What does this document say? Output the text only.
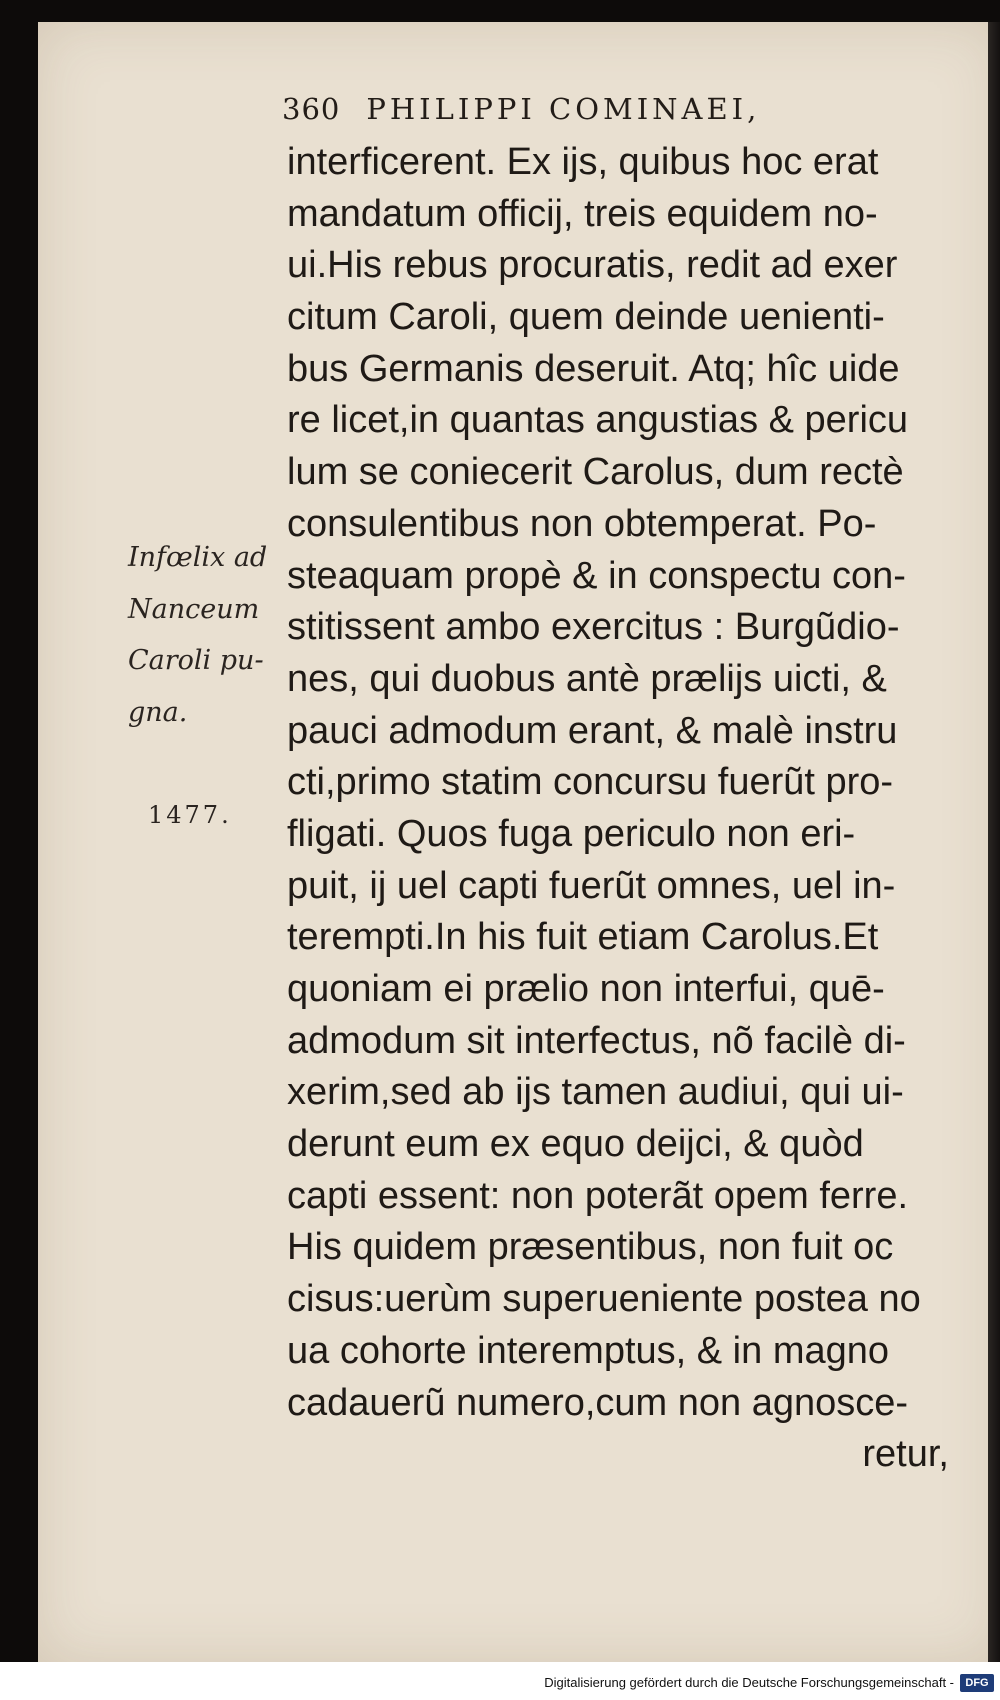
360 PHILIPPI COMINAEI,
interficerent. Ex ijs, quibus hoc erat
mandatum officij, treis equidem no-
ui.His rebus procuratis, redit ad exer
citum Caroli, quem deinde uenienti-
bus Germanis deseruit. Atq; hîc uide
re licet,in quantas angustias & pericu
lum se coniecerit Carolus, dum rectè
consulentibus non obtemperat. Po-
steaquam propè & in conspectu con-
stitissent ambo exercitus : Burgũdio-
nes, qui duobus antè prælijs uicti, &
pauci admodum erant, & malè instru
cti,primo statim concursu fuerũt pro-
fligati. Quos fuga periculo non eri-
puit, ij uel capti fuerũt omnes, uel in-
terempti.In his fuit etiam Carolus.Et
quoniam ei prælio non interfui, quē-
admodum sit interfectus, nõ facilè di-
xerim,sed ab ijs tamen audiui, qui ui-
derunt eum ex equo deijci, & quòd
capti essent: non poterãt opem ferre.
His quidem præsentibus, non fuit oc
cisus:uerùm superueniente postea no
ua cohorte interemptus, & in magno
cadauerũ numero,cum non agnosce-
retur,
Infœlix ad
Nanceum
Caroli pu-
gna.
1477.
Digitalisierung gefördert durch die Deutsche Forschungsgemeinschaft -	DFG
